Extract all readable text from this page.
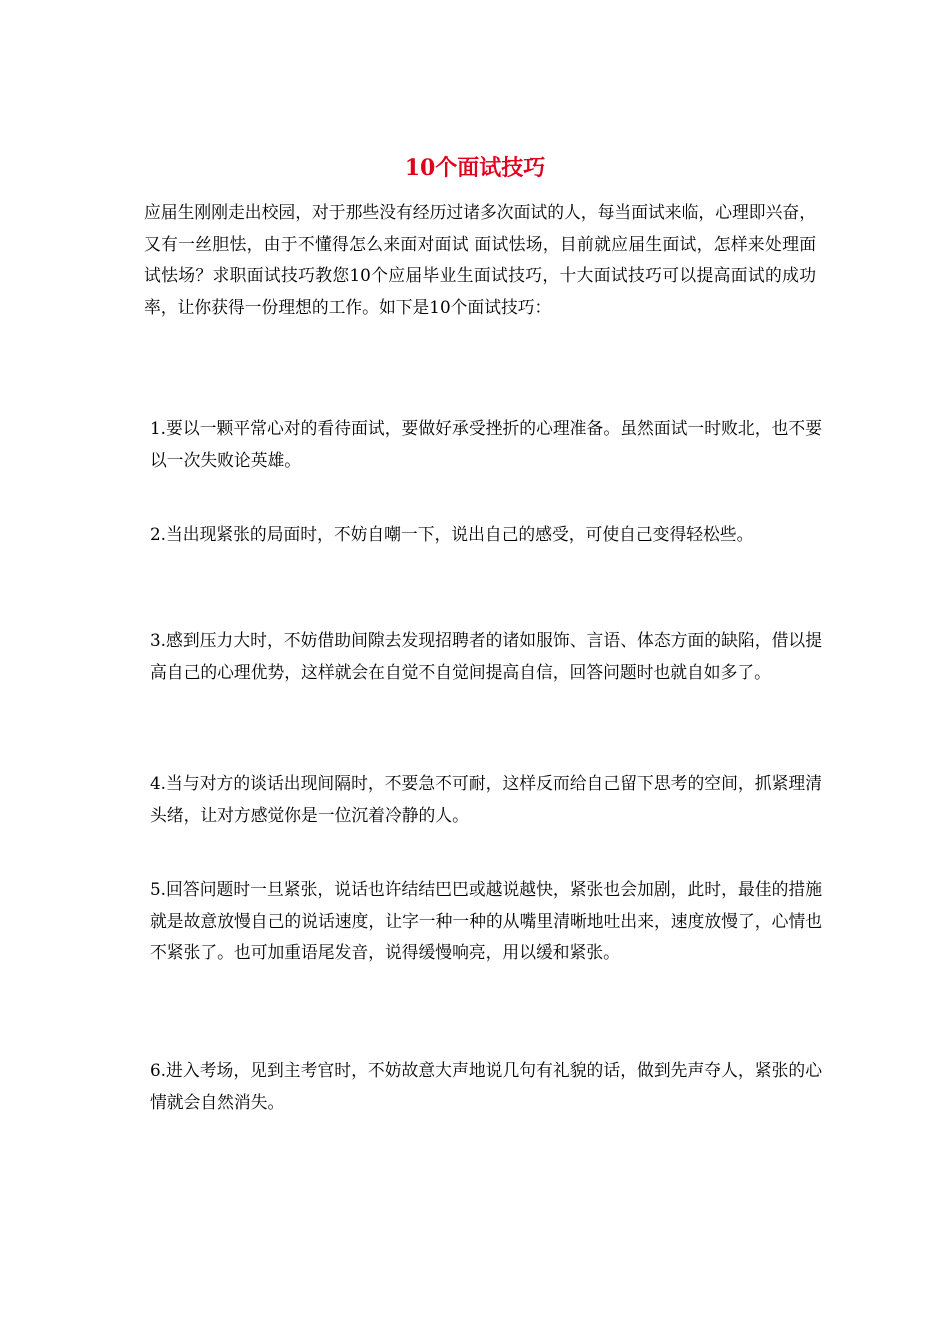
10个面试技巧

应届生刚刚走出校园，对于那些没有经历过诸多次面试的人，每当面试来临，心理即兴奋，又有一丝胆怯，由于不懂得怎么来面对面试 面试怯场，目前就应届生面试，怎样来处理面试怯场？求职面试技巧教您10个应届毕业生面试技巧，十大面试技巧可以提高面试的成功率，让你获得一份理想的工作。如下是10个面试技巧：

1.要以一颗平常心对的看待面试，要做好承受挫折的心理准备。虽然面试一时败北，也不要以一次失败论英雄。

2.当出现紧张的局面时，不妨自嘲一下，说出自己的感受，可使自己变得轻松些。

3.感到压力大时，不妨借助间隙去发现招聘者的诸如服饰、言语、体态方面的缺陷，借以提高自己的心理优势，这样就会在自觉不自觉间提高自信，回答问题时也就自如多了。

4.当与对方的谈话出现间隔时，不要急不可耐，这样反而给自己留下思考的空间，抓紧理清头绪，让对方感觉你是一位沉着冷静的人。

5.回答问题时一旦紧张，说话也许结结巴巴或越说越快，紧张也会加剧，此时，最佳的措施就是故意放慢自己的说话速度，让字一种一种的从嘴里清晰地吐出来，速度放慢了，心情也不紧张了。也可加重语尾发音，说得缓慢响亮，用以缓和紧张。

6.进入考场，见到主考官时，不妨故意大声地说几句有礼貌的话，做到先声夺人，紧张的心情就会自然消失。
